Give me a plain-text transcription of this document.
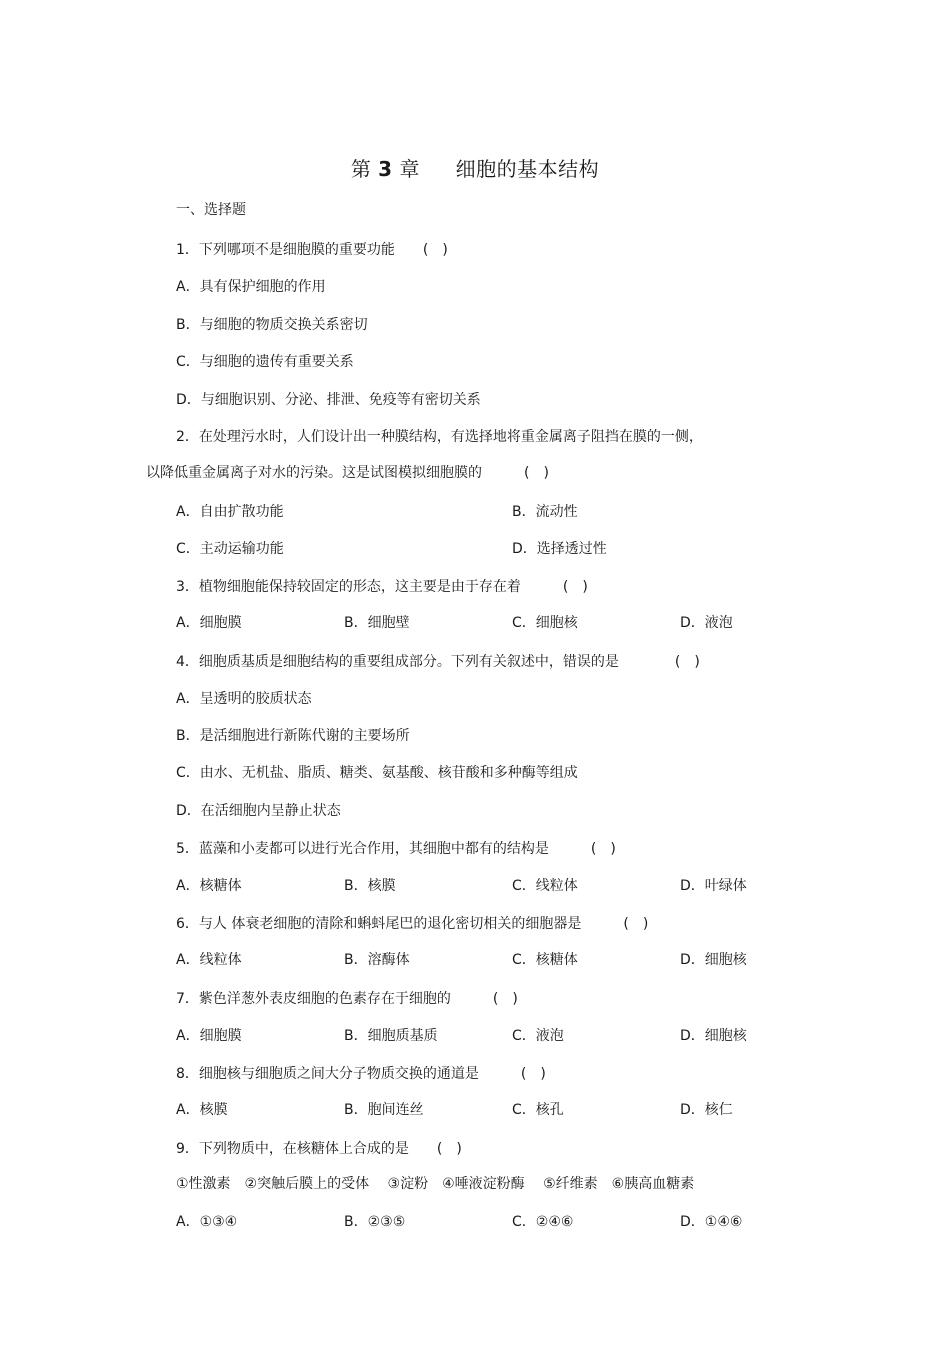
第 3 章 细胞的基本结构
一、选择题
1．下列哪项不是细胞膜的重要功能　　(　)
A．具有保护细胞的作用
B．与细胞的物质交换关系密切
C．与细胞的遗传有重要关系
D．与细胞识别、分泌、排泄、免疫等有密切关系
2．在处理污水时，人们设计出一种膜结构，有选择地将重金属离子阻挡在膜的一侧，
以降低重金属离子对水的污染。这是试图模拟细胞膜的　　　(　)
A．自由扩散功能	B．流动性
C．主动运输功能	D．选择透过性
3．植物细胞能保持较固定的形态，这主要是由于存在着　　　(　)
A．细胞膜	B．细胞壁	C．细胞核	D．液泡
4．细胞质基质是细胞结构的重要组成部分。下列有关叙述中，错误的是　　　　(　)
A．呈透明的胶质状态
B．是活细胞进行新陈代谢的主要场所
C．由水、无机盐、脂质、糖类、氨基酸、核苷酸和多种酶等组成
D．在活细胞内呈静止状态
5．蓝藻和小麦都可以进行光合作用，其细胞中都有的结构是　　　(　)
A．核糖体	B．核膜	C．线粒体	D．叶绿体
6．与人 体衰老细胞的清除和蝌蚪尾巴的退化密切相关的细胞器是　　　(　)
A．线粒体	B．溶酶体	C．核糖体	D．细胞核
7．紫色洋葱外表皮细胞的色素存在于细胞的　　　(　)
A．细胞膜	B．细胞质基质	C．液泡	D．细胞核
8．细胞核与细胞质之间大分子物质交换的通道是　　　(　)
A．核膜	B．胞间连丝	C．核孔	D．核仁
9．下列物质中，在核糖体上合成的是　　(　)
①性激素　②突触后膜上的受体　 ③淀粉　④唾液淀粉酶　 ⑤纤维素　⑥胰高血糖素
A．①③④	B．②③⑤	C．②④⑥	D．①④⑥
